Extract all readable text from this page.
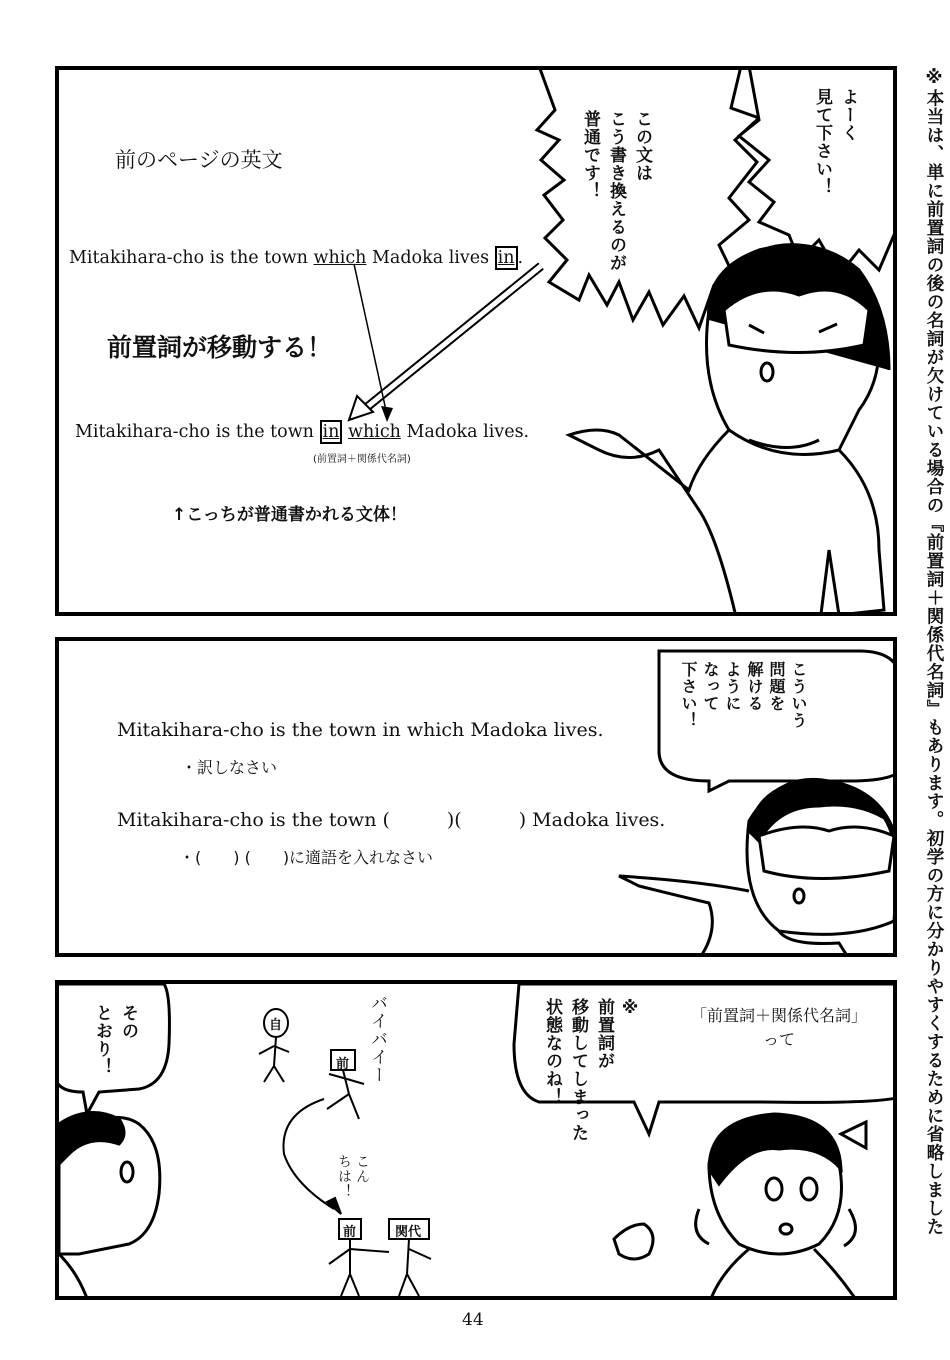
※本当は、単に前置詞の後の名詞が欠けている場合の『前置詞＋関係代名詞』もあります。初学の方に分かりやすくするために省略しました
前のページの英文
Mitakihara-cho is the town which Madoka lives in .
前置詞が移動する！
Mitakihara-cho is the town in which Madoka lives.
(前置詞＋関係代名詞)
↑こっちが普通書かれる文体！
この文は
こう書き換えるのが
普通です！	よーく
見て下さい！
Mitakihara-cho is the town in which Madoka lives.
・訳しなさい
Mitakihara-cho is the town (　　　)(　　　) Madoka lives.
・(　　) (　　)に適語を入れなさい
こういう
問題を
解ける
ように
なって
下さい！
その
とおり！	バイバイー
こん
ちは！
自
前
前	関代
「前置詞＋関係代名詞」
って
※
前置詞が
移動してしまった
状態なのね！
44
